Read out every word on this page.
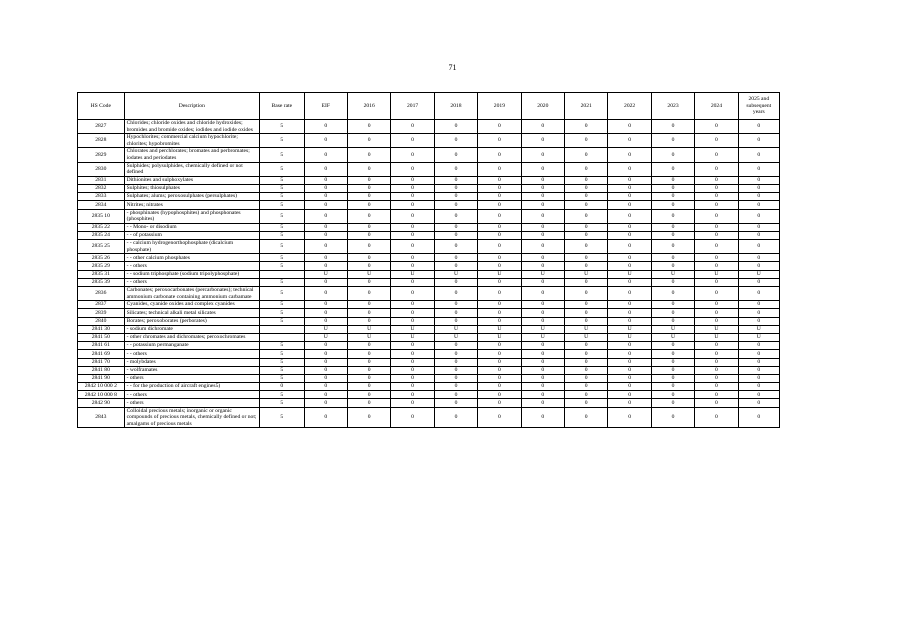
71
HS Code	Description	Base rate	EIF	2016	2017	2018	2019	2020	2021	2022	2023	2024	2025 and subsequent years
2827	Chlorides; chloride oxides and chloride hydroxides; bromides and bromide oxides; iodides and iodide oxides	5	0	0	0	0	0	0	0	0	0	0	0
2828	Hypochlorites; commercial calcium hypochlorite; chlorites; hypobromites	5	0	0	0	0	0	0	0	0	0	0	0
2829	Chlorates and perchlorates; bromates and perbromates; iodates and periodates	5	0	0	0	0	0	0	0	0	0	0	0
2830	Sulphides; polysulphides, chemically defined or not defined	5	0	0	0	0	0	0	0	0	0	0	0
2831	Dithionites and sulphoxylates	5	0	0	0	0	0	0	0	0	0	0	0
2832	Sulphites; thiosulphates	5	0	0	0	0	0	0	0	0	0	0	0
2833	Sulphates; alums; peroxosulphates (persulphates)	5	0	0	0	0	0	0	0	0	0	0	0
2834	Nitrites; nitrates	5	0	0	0	0	0	0	0	0	0	0	0
2835 10	- phosphinates (hypophosphites) and phosphonates (phosphites)	5	0	0	0	0	0	0	0	0	0	0	0
2835 22	- - Mono- or disodium	5	0	0	0	0	0	0	0	0	0	0	0
2835 24	- - of potassium	5	0	0	0	0	0	0	0	0	0	0	0
2835 25	- - calcium hydrogenorthophosphate (dicalcium phosphate)	5	0	0	0	0	0	0	0	0	0	0	0
2835 26	- - other calcium phosphates	5	0	0	0	0	0	0	0	0	0	0	0
2835 29	- - others	5	0	0	0	0	0	0	0	0	0	0	0
2835 31	- - sodium triphosphate (sodium tripolyphosphate)		U	U	U	U	U	U	U	U	U	U	U
2835 39	- - others	5	0	0	0	0	0	0	0	0	0	0	0
2836	Carbonates; peroxocarbonates (percarbonates); technical ammonium carbonate containing ammonium carbamate	5	0	0	0	0	0	0	0	0	0	0	0
2837	Cyanides, cyanide oxides and complex cyanides	5	0	0	0	0	0	0	0	0	0	0	0
2839	Silicates; technical alkali metal silicates	5	0	0	0	0	0	0	0	0	0	0	0
2840	Borates; peroxoborates (perborates)	5	0	0	0	0	0	0	0	0	0	0	0
2841 30	- sodium dichromate		U	U	U	U	U	U	U	U	U	U	U
2841 50	- other chromates and dichromates; peroxochromates		U	U	U	U	U	U	U	U	U	U	U
2841 61	- - potassium permanganate	5	0	0	0	0	0	0	0	0	0	0	0
2841 69	- - others	5	0	0	0	0	0	0	0	0	0	0	0
2841 70	- molybdates	5	0	0	0	0	0	0	0	0	0	0	0
2841 80	- wolframates	5	0	0	0	0	0	0	0	0	0	0	0
2841 90	- others	5	0	0	0	0	0	0	0	0	0	0	0
2842 10 000 2	- - for the production of aircraft engines5)	0	0	0	0	0	0	0	0	0	0	0	0
2842 10 000 8	- - others	5	0	0	0	0	0	0	0	0	0	0	0
2842 90	- others	5	0	0	0	0	0	0	0	0	0	0	0
2843	Colloidal precious metals; inorganic or organic compounds of precious metals, chemically defined or not; amalgams of precious metals	5	0	0	0	0	0	0	0	0	0	0	0
